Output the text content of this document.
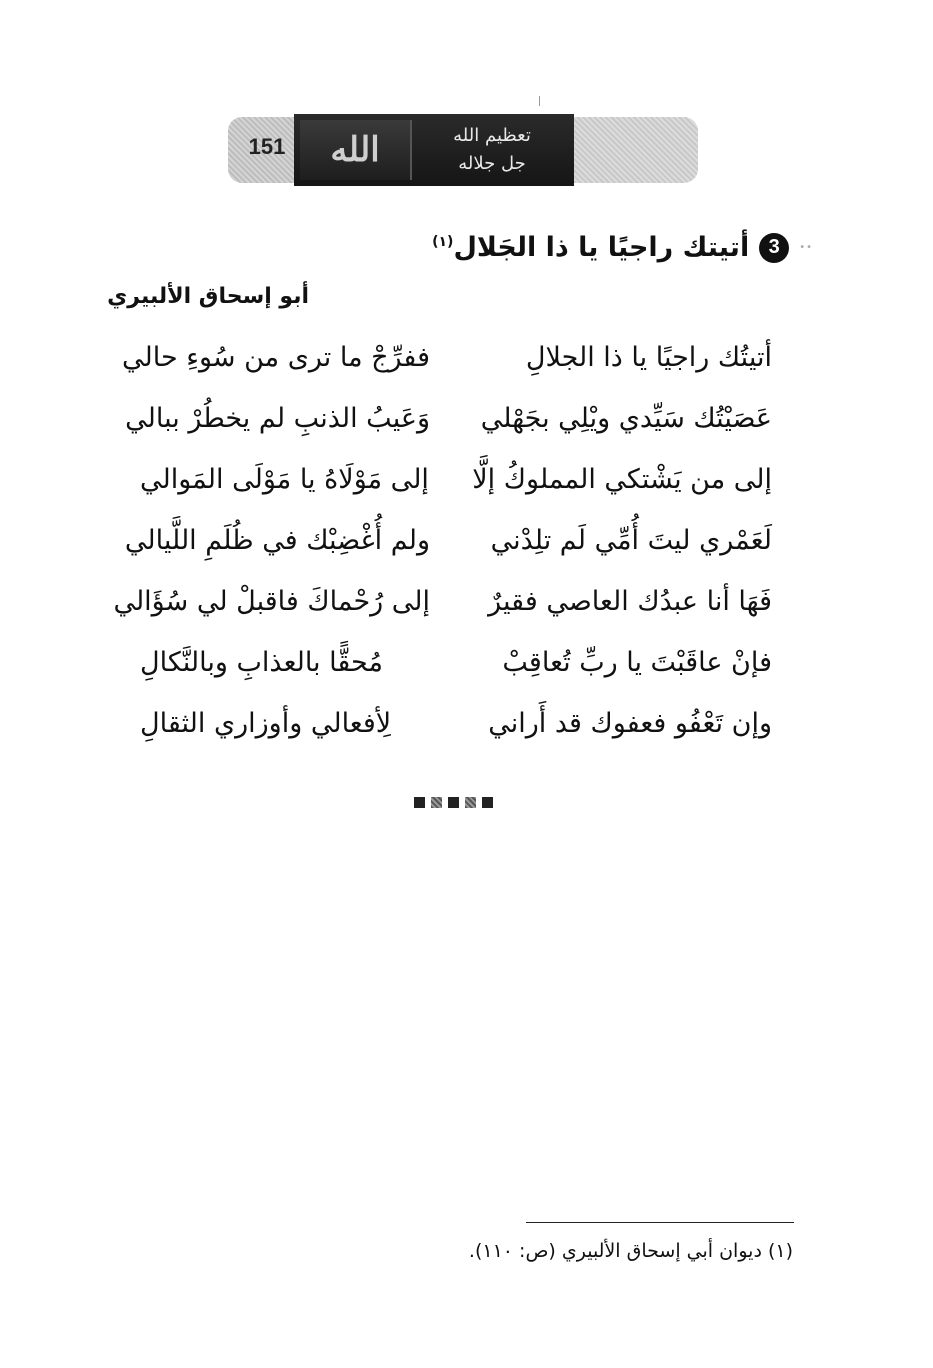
151	الله	تعظيم الله
جل جلاله
••
3
أتيتك راجيًا يا ذا الجَلال$^{(١)}$
أبو إسحاق الألبيري
أتيتُك راجيًا يا ذا الجلالِ
ففرِّجْ ما ترى من سُوءِ حالي
عَصَيْتُك سَيِّدي ويْلِي بجَهْلي
وَعَيبُ الذنبِ لم يخطُرْ ببالي
إلى من يَشْتكي المملوكُ إلَّا
إلى مَوْلَاهُ يا مَوْلَى المَوالي
لَعَمْري ليتَ أُمِّي لَم تلِدْني
ولم أُغْضِبْك في ظُلَمِ اللَّيالي
فَهَا أنا عبدُك العاصي فقيرٌ
إلى رُحْماكَ فاقبلْ لي سُؤَالي
فإنْ عاقَبْتَ يا ربِّ تُعاقِبْ
مُحقًّا بالعذابِ وبالنَّكالِ
وإن تَعْفُو فعفوك قد أَراني
لِأفعالي وأوزاري الثقالِ
(١) ديوان أبي إسحاق الألبيري (ص: ١١٠).
